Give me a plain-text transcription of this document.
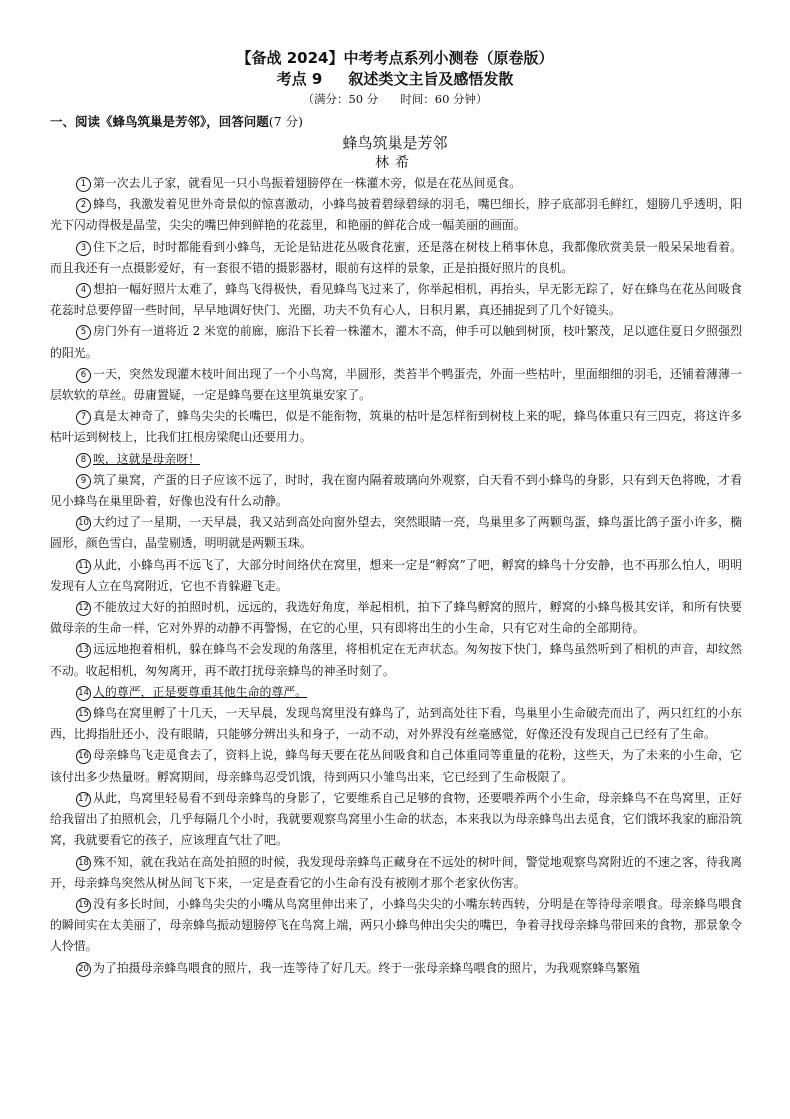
【备战 2024】中考考点系列小测卷（原卷版）
考点 9 叙述类文主旨及感悟发散
（满分：50 分 时间：60 分钟）
一、阅读《蜂鸟筑巢是芳邻》，回答问题(7 分)
蜂鸟筑巢是芳邻
林希

1 第一次去儿子家，就看见一只小鸟振着翅膀停在一株灌木旁，似是在花丛间觅食。

2 蜂鸟，我激发着见世外奇景似的惊喜激动，小蜂鸟披着碧绿碧绿的羽毛，嘴巴细长，脖子底部羽毛鲜红，翅膀几乎透明，阳光下闪动得极是晶莹，尖尖的嘴巴伸到鲜艳的花蕊里，和艳丽的鲜花合成一幅美丽的画面。

3 住下之后，时时都能看到小蜂鸟，无论是钻进花丛吸食花蜜，还是落在树枝上稍事休息，我都像欣赏美景一般呆呆地看着。而且我还有一点摄影爱好，有一套很不错的摄影器材，眼前有这样的景象，正是拍摄好照片的良机。

4 想拍一幅好照片太难了，蜂鸟飞得极快，看见蜂鸟飞过来了，你举起相机，再抬头，早无影无踪了，好在蜂鸟在花丛间吸食花蕊时总要停留一些时间，早早地调好快门、光圈，功夫不负有心人，日积月累，真还捕捉到了几个好镜头。

5 房门外有一道将近 2 米宽的前廊，廊沿下长着一株灌木，灌木不高，伸手可以触到树顶，枝叶繁茂，足以遮住夏日夕照强烈的阳光。

6 一天，突然发现灌木枝叶间出现了一个小鸟窝，半圆形，类苔半个鸭蛋壳，外面一些枯叶，里面细细的羽毛，还铺着薄薄一层软软的草丝。毋庸置疑，一定是蜂鸟要在这里筑巢安家了。

7 真是太神奇了，蜂鸟尖尖的长嘴巴，似是不能衔物，筑巢的枯叶是怎样衔到树枝上来的呢，蜂鸟体重只有三四克，将这许多枯叶运到树枝上，比我们扛根房梁爬山还要用力。

8 唉，这就是母亲呀！

9 筑了巢窝，产蛋的日子应该不远了，时时，我在窗内隔着玻璃向外观察，白天看不到小蜂鸟的身影，只有到天色将晚，才看见小蜂鸟在巢里卧着，好像也没有什么动静。

10 大约过了一星期，一天早晨，我又站到高处向窗外望去，突然眼睛一亮，鸟巢里多了两颗鸟蛋，蜂鸟蛋比鸽子蛋小许多，椭圆形，颜色雪白，晶莹剔透，明明就是两颗玉珠。

11 从此，小蜂鸟再不远飞了，大部分时间络伏在窝里，想来一定是“孵窝”了吧，孵窝的蜂鸟十分安静，也不再那么怕人，明明发现有人立在鸟窝附近，它也不肯躲避飞走。

12 不能放过大好的拍照时机，远远的，我选好角度，举起相机，拍下了蜂鸟孵窝的照片，孵窝的小蜂鸟极其安详，和所有快要做母亲的生命一样，它对外界的动静不再警惕，在它的心里，只有即将出生的小生命，只有它对生命的全部期待。

13 远远地抱着相机，躲在蜂鸟不会发现的角落里，将相机定在无声状态。匆匆按下快门，蜂鸟虽然听到了相机的声音，却纹然不动。收起相机，匆匆离开，再不敢打扰母亲蜂鸟的神圣时刻了。

14 人的尊严，正是要尊重其他生命的尊严。

15 蜂鸟在窝里孵了十几天，一天早晨，发现鸟窝里没有蜂鸟了，站到高处往下看，鸟巢里小生命破壳而出了，两只红红的小东西，比拇指肚还小，没有眼睛，只能够分辨出头和身子，一动不动，对外界没有丝毫感觉，好像还没有发现自己已经有了生命。

16 母亲蜂鸟飞走觅食去了，资料上说，蜂鸟每天要在花丛间吸食和自己体重同等重量的花粉，这些天，为了未来的小生命，它该付出多少热量呀。孵窝期间，母亲蜂鸟忍受饥饿，待到两只小雏鸟出来，它已经到了生命极限了。

17 从此，鸟窝里轻易看不到母亲蜂鸟的身影了，它要维系自己足够的食物，还要喂养两个小生命，母亲蜂鸟不在鸟窝里，正好给我留出了拍照机会，几乎每隔几个小时，我就要观察鸟窝里小生命的状态，本来我以为母亲蜂鸟出去觅食，它们饿坏我家的廊沿筑窝，我就要看它的孩子，应该理直气壮了吧。

18 殊不知，就在我站在高处拍照的时候，我发现母亲蜂鸟正藏身在不远处的树叶间，警觉地观察鸟窝附近的不速之客，待我离开，母亲蜂鸟突然从树丛间飞下来，一定是查看它的小生命有没有被刚才那个老家伙伤害。

19 没有多长时间，小蜂鸟尖尖的小嘴从鸟窝里伸出来了，小蜂鸟尖尖的小嘴东转西转，分明是在等待母亲喂食。母亲蜂鸟喂食的瞬间实在太美丽了，母亲蜂鸟振动翅膀停飞在鸟窝上端，两只小蜂鸟伸出尖尖的嘴巴，争着寻找母亲蜂鸟带回来的食物，那景象令人怜惜。

20 为了拍摄母亲蜂鸟喂食的照片，我一连等待了好几天。终于一张母亲蜂鸟喂食的照片，为我观察蜂鸟繁殖
